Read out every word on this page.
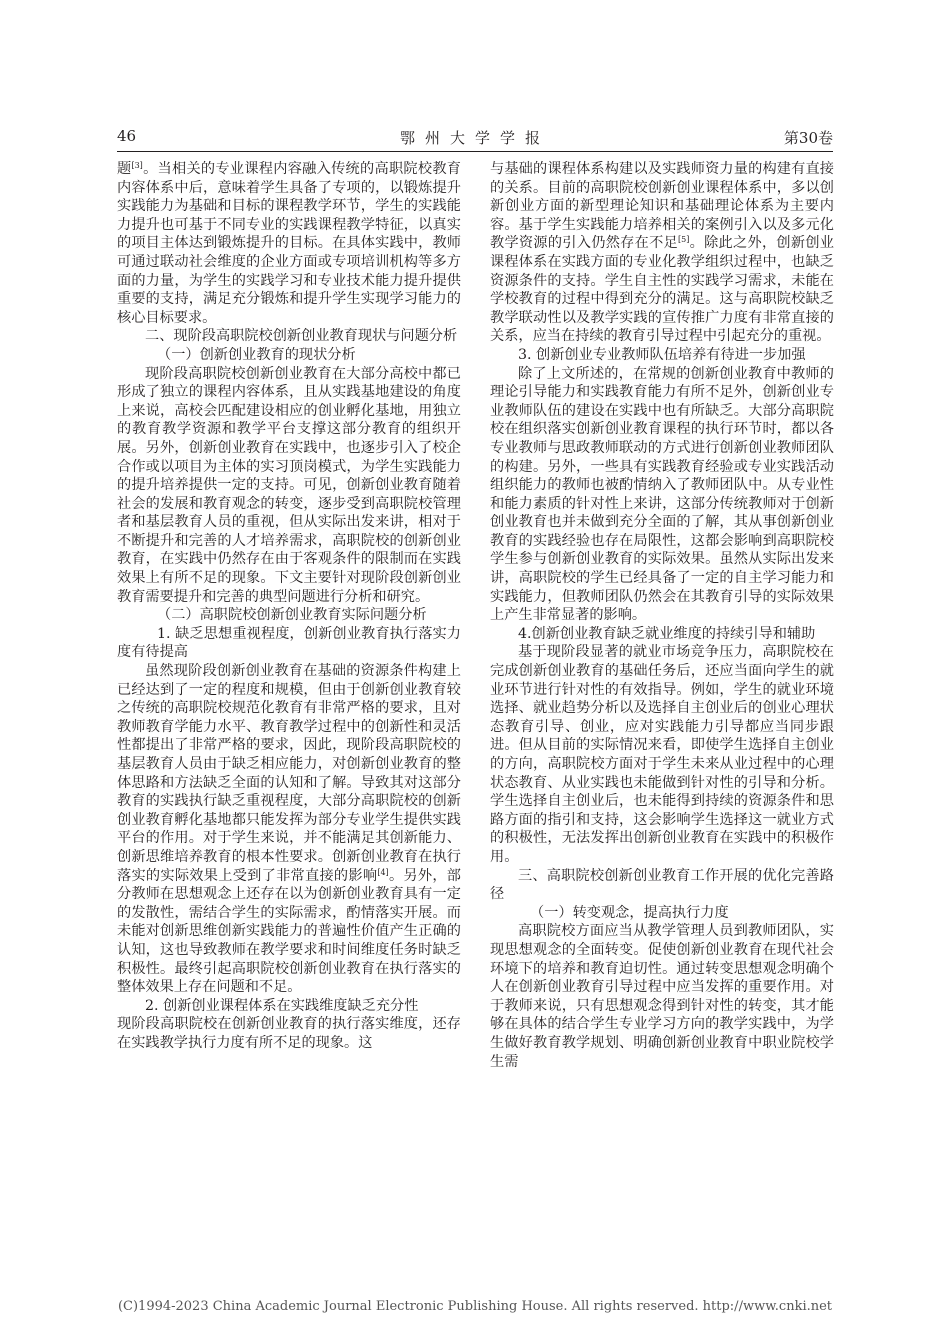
46	鄂州大学学报	第30卷

题[3]。当相关的专业课程内容融入传统的高职院校教育内容体系中后，意味着学生具备了专项的，以锻炼提升实践能力为基础和目标的课程教学环节，学生的实践能力提升也可基于不同专业的实践课程教学特征，以真实的项目主体达到锻炼提升的目标。在具体实践中，教师可通过联动社会维度的企业方面或专项培训机构等多方面的力量，为学生的实践学习和专业技术能力提升提供重要的支持，满足充分锻炼和提升学生实现学习能力的核心目标要求。

二、现阶段高职院校创新创业教育现状与问题分析

（一）创新创业教育的现状分析

现阶段高职院校创新创业教育在大部分高校中都已形成了独立的课程内容体系，且从实践基地建设的角度上来说，高校会匹配建设相应的创业孵化基地，用独立的教育教学资源和教学平台支撑这部分教育的组织开展。另外，创新创业教育在实践中，也逐步引入了校企合作或以项目为主体的实习顶岗模式，为学生实践能力的提升培养提供一定的支持。可见，创新创业教育随着社会的发展和教育观念的转变，逐步受到高职院校管理者和基层教育人员的重视，但从实际出发来讲，相对于不断提升和完善的人才培养需求，高职院校的创新创业教育，在实践中仍然存在由于客观条件的限制而在实践效果上有所不足的现象。下文主要针对现阶段创新创业教育需要提升和完善的典型问题进行分析和研究。

（二）高职院校创新创业教育实际问题分析

1. 缺乏思想重视程度，创新创业教育执行落实力度有待提高

虽然现阶段创新创业教育在基础的资源条件构建上已经达到了一定的程度和规模，但由于创新创业教育较之传统的高职院校规范化教育有非常严格的要求，且对教师教育学能力水平、教育教学过程中的创新性和灵活性都提出了非常严格的要求，因此，现阶段高职院校的基层教育人员由于缺乏相应能力，对创新创业教育的整体思路和方法缺乏全面的认知和了解。导致其对这部分教育的实践执行缺乏重视程度，大部分高职院校的创新创业教育孵化基地都只能发挥为部分专业学生提供实践平台的作用。对于学生来说，并不能满足其创新能力、创新思维培养教育的根本性要求。创新创业教育在执行落实的实际效果上受到了非常直接的影响[4]。另外，部分教师在思想观念上还存在以为创新创业教育具有一定的发散性，需结合学生的实际需求，酌情落实开展。而未能对创新思维创新实践能力的普遍性价值产生正确的认知，这也导致教师在教学要求和时间维度任务时缺乏积极性。最终引起高职院校创新创业教育在执行落实的整体效果上存在问题和不足。

2. 创新创业课程体系在实践维度缺乏充分性

现阶段高职院校在创新创业教育的执行落实维度，还存在实践教学执行力度有所不足的现象。这

与基础的课程体系构建以及实践师资力量的构建有直接的关系。目前的高职院校创新创业课程体系中，多以创新创业方面的新型理论知识和基础理论体系为主要内容。基于学生实践能力培养相关的案例引入以及多元化教学资源的引入仍然存在不足[5]。除此之外，创新创业课程体系在实践方面的专业化教学组织过程中，也缺乏资源条件的支持。学生自主性的实践学习需求，未能在学校教育的过程中得到充分的满足。这与高职院校缺乏教学联动性以及教学实践的宣传推广力度有非常直接的关系，应当在持续的教育引导过程中引起充分的重视。

3. 创新创业专业教师队伍培养有待进一步加强

除了上文所述的，在常规的创新创业教育中教师的理论引导能力和实践教育能力有所不足外，创新创业专业教师队伍的建设在实践中也有所缺乏。大部分高职院校在组织落实创新创业教育课程的执行环节时，都以各专业教师与思政教师联动的方式进行创新创业教师团队的构建。另外，一些具有实践教育经验或专业实践活动组织能力的教师也被酌情纳入了教师团队中。从专业性和能力素质的针对性上来讲，这部分传统教师对于创新创业教育也并未做到充分全面的了解，其从事创新创业教育的实践经验也存在局限性，这都会影响到高职院校学生参与创新创业教育的实际效果。虽然从实际出发来讲，高职院校的学生已经具备了一定的自主学习能力和实践能力，但教师团队仍然会在其教育引导的实际效果上产生非常显著的影响。

4.创新创业教育缺乏就业维度的持续引导和辅助

基于现阶段显著的就业市场竞争压力，高职院校在完成创新创业教育的基础任务后，还应当面向学生的就业环节进行针对性的有效指导。例如，学生的就业环境选择、就业趋势分析以及选择自主创业后的创业心理状态教育引导、创业，应对实践能力引导都应当同步跟进。但从目前的实际情况来看，即使学生选择自主创业的方向，高职院校方面对于学生未来从业过程中的心理状态教育、从业实践也未能做到针对性的引导和分析。学生选择自主创业后，也未能得到持续的资源条件和思路方面的指引和支持，这会影响学生选择这一就业方式的积极性，无法发挥出创新创业教育在实践中的积极作用。

三、高职院校创新创业教育工作开展的优化完善路径

（一）转变观念，提高执行力度

高职院校方面应当从教学管理人员到教师团队，实现思想观念的全面转变。促使创新创业教育在现代社会环境下的培养和教育迫切性。通过转变思想观念明确个人在创新创业教育引导过程中应当发挥的重要作用。对于教师来说，只有思想观念得到针对性的转变，其才能够在具体的结合学生专业学习方向的教学实践中，为学生做好教育教学规划、明确创新创业教育中职业院校学生需

(C)1994-2023 China Academic Journal Electronic Publishing House. All rights reserved. http://www.cnki.net
